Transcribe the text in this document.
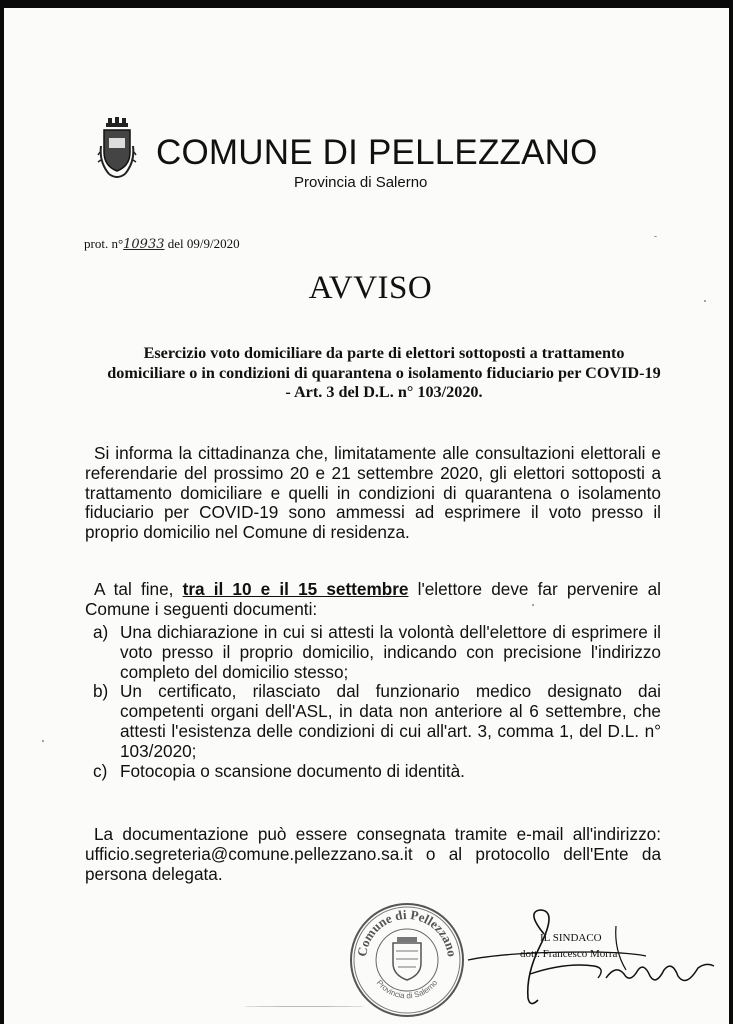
COMUNE DI PELLEZZANO
Provincia di Salerno
prot. n°10933 del 09/9/2020
AVVISO
Esercizio voto domiciliare da parte di elettori sottoposti a trattamento domiciliare o in condizioni di quarantena o isolamento fiduciario per COVID-19 - Art. 3 del D.L. n° 103/2020.
Si informa la cittadinanza che, limitatamente alle consultazioni elettorali e referendarie del prossimo 20 e 21 settembre 2020, gli elettori sottoposti a trattamento domiciliare e quelli in condizioni di quarantena o isolamento fiduciario per COVID-19 sono ammessi ad esprimere il voto presso il proprio domicilio nel Comune di residenza.
A tal fine, tra il 10 e il 15 settembre l'elettore deve far pervenire al Comune i seguenti documenti:
a) Una dichiarazione in cui si attesti la volontà dell'elettore di esprimere il voto presso il proprio domicilio, indicando con precisione l'indirizzo completo del domicilio stesso;
b) Un certificato, rilasciato dal funzionario medico designato dai competenti organi dell'ASL, in data non anteriore al 6 settembre, che attesti l'esistenza delle condizioni di cui all'art. 3, comma 1, del D.L. n° 103/2020;
c) Fotocopia o scansione documento di identità.
La documentazione può essere consegnata tramite e-mail all'indirizzo: ufficio.segreteria@comune.pellezzano.sa.it o al protocollo dell'Ente da persona delegata.
Comune di Pellezzano
Provincia di Salerno
IL SINDACO
dott. Francesco Morra
